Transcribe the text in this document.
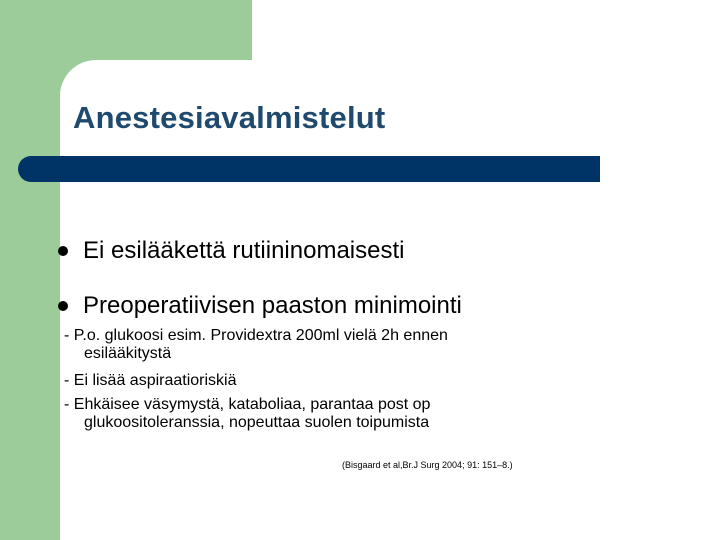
Anestesiavalmistelut
Ei esilääkettä rutiininomaisesti
Preoperatiivisen paaston minimointi
- P.o. glukoosi esim. Providextra 200ml vielä 2h ennen
esilääkitystä
- Ei lisää aspiraatioriskiä
- Ehkäisee väsymystä, kataboliaa, parantaa post op
glukoositoleranssia, nopeuttaa suolen toipumista
(Bisgaard et al,Br.J Surg 2004; 91: 151–8.)
